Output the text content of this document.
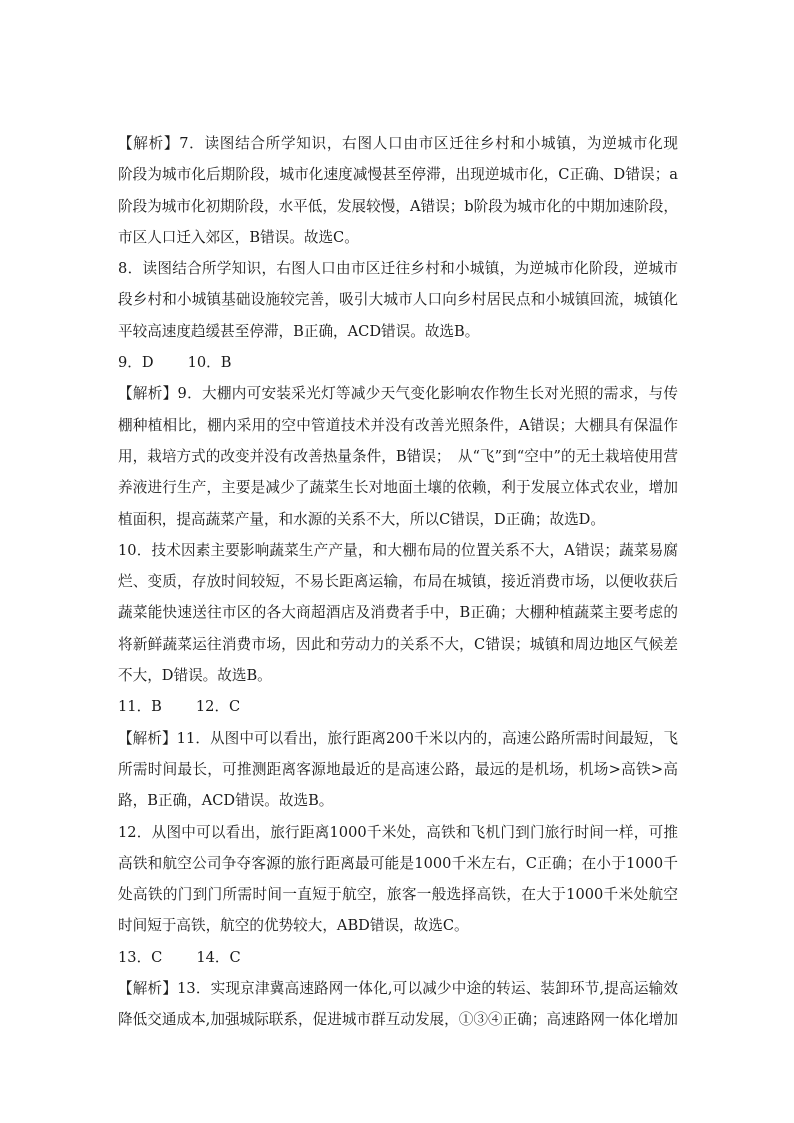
【解析】7．读图结合所学知识，右图人口由市区迁往乡村和小城镇，为逆城市化现
阶段为城市化后期阶段，城市化速度减慢甚至停滞，出现逆城市化，C正确、D错误；a
阶段为城市化初期阶段，水平低，发展较慢，A错误；b阶段为城市化的中期加速阶段，
市区人口迁入郊区，B错误。故选C。
8．读图结合所学知识，右图人口由市区迁往乡村和小城镇，为逆城市化阶段，逆城市
段乡村和小城镇基础设施较完善，吸引大城市人口向乡村居民点和小城镇回流，城镇化
平较高速度趋缓甚至停滞，B正确，ACD错误。故选B。
9．D 10．B
【解析】9．大棚内可安装采光灯等减少天气变化影响农作物生长对光照的需求，与传
棚种植相比，棚内采用的空中管道技术并没有改善光照条件，A错误；大棚具有保温作
用，栽培方式的改变并没有改善热量条件，B错误；　从“飞”到“空中”的无土栽培使用营
养液进行生产，主要是减少了蔬菜生长对地面土壤的依赖，利于发展立体式农业，增加
植面积，提高蔬菜产量，和水源的关系不大，所以C错误，D正确；故选D。
10．技术因素主要影响蔬菜生产产量，和大棚布局的位置关系不大，A错误；蔬菜易腐
烂、变质，存放时间较短，不易长距离运输，布局在城镇，接近消费市场，以便收获后
蔬菜能快速送往市区的各大商超酒店及消费者手中，B正确；大棚种植蔬菜主要考虑的
将新鲜蔬菜运往消费市场，因此和劳动力的关系不大，C错误；城镇和周边地区气候差
不大，D错误。故选B。
11．B 12．C
【解析】11．从图中可以看出，旅行距离200千米以内的，高速公路所需时间最短，飞
所需时间最长，可推测距离客源地最近的是高速公路，最远的是机场，机场>高铁>高
路，B正确，ACD错误。故选B。
12．从图中可以看出，旅行距离1000千米处，高铁和飞机门到门旅行时间一样，可推
高铁和航空公司争夺客源的旅行距离最可能是1000千米左右，C正确；在小于1000千
处高铁的门到门所需时间一直短于航空，旅客一般选择高铁，在大于1000千米处航空
时间短于高铁，航空的优势较大，ABD错误，故选C。
13．C 14．C
【解析】13．实现京津冀高速路网一体化,可以减少中途的转运、装卸环节,提高运输效
降低交通成本,加强城际联系，促进城市群互动发展，①③④正确；高速路网一体化增加
